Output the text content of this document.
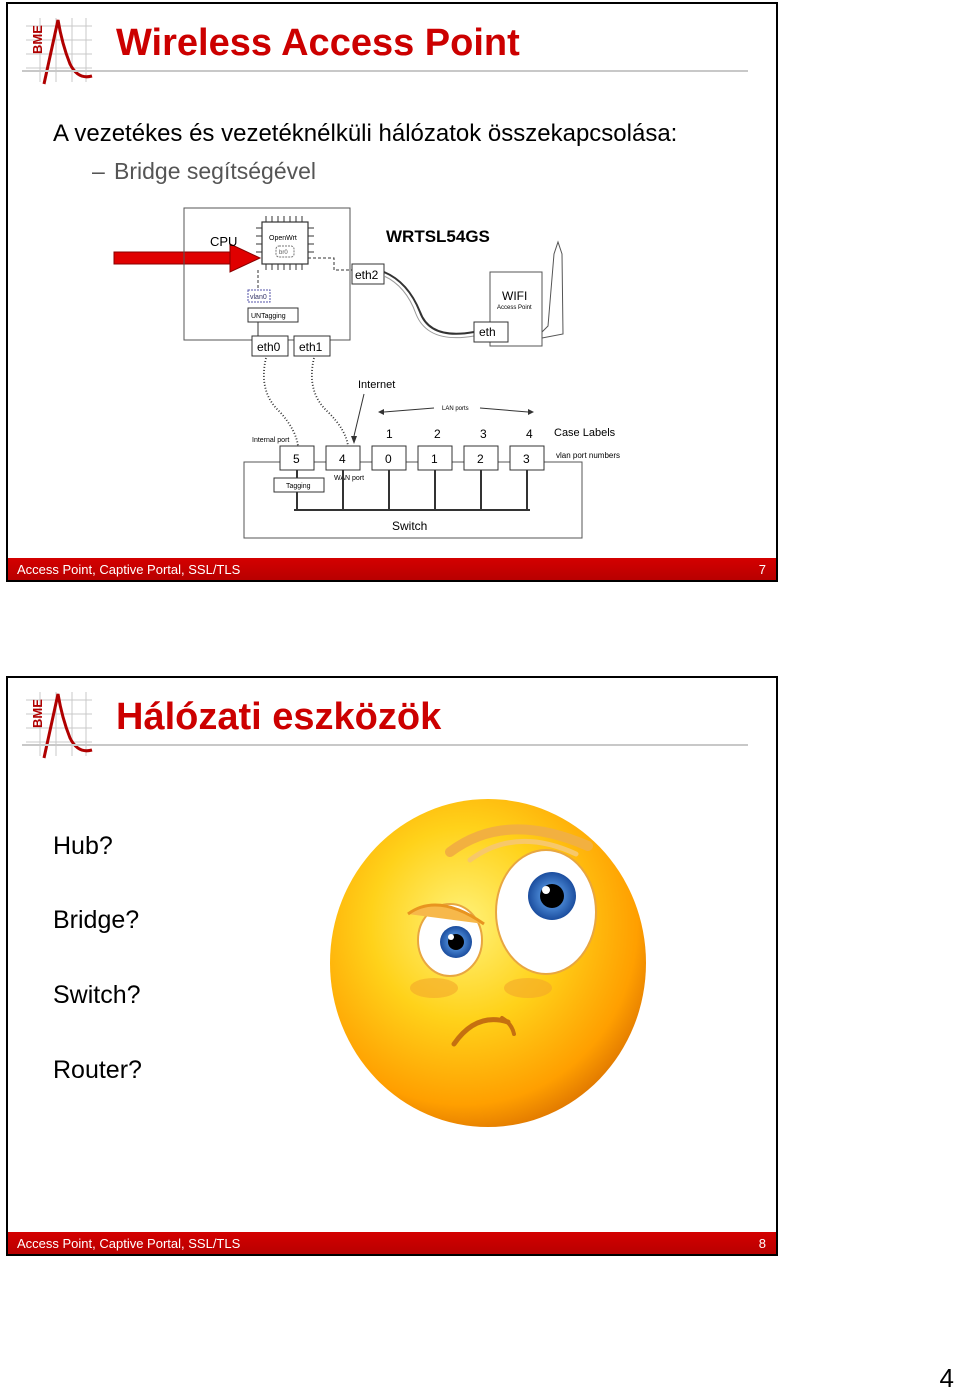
BME Wireless Access Point
A vezetékes és vezetéknélküli hálózatok összekapcsolása:
– Bridge segítségével
CPU	OpenWrt
br0
WRTSL54GS
eth2
WIFI
Access Point
eth
vlan0
UNTagging
eth0 eth1
Internet
LAN ports
1	2	3	4 Case Labels
vlan port numbers
Internal port
5	4	0	1	2	3
WAN port
Tagging
Switch
Access Point, Captive Portal, SSL/TLS	7
BME Hálózati eszközök
Hub?
Bridge?
Switch?
Router?
Access Point, Captive Portal, SSL/TLS	8
4
